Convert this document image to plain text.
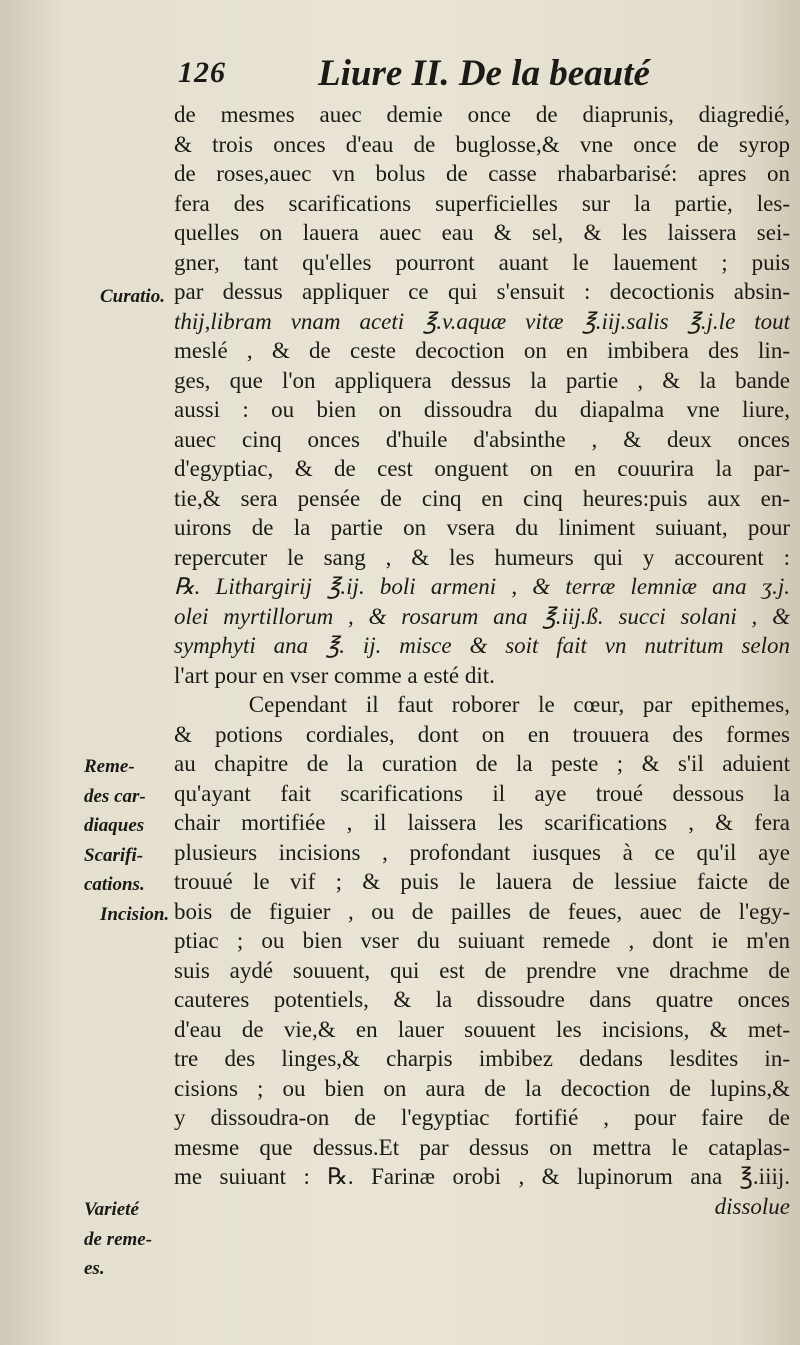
126 Liure II. De la beauté
Curatio.
Reme-
des car-
diaques
Scarifi-
cations.
Incision.
Varieté
de reme-
es.
de mesmes auec demie once de diaprunis, diagredié,
& trois onces d'eau de buglosse,& vne once de syrop
de roses,auec vn bolus de casse rhabarbarisé: apres on
fera des scarifications superficielles sur la partie, les-
quelles on lauera auec eau & sel, & les laissera sei-
gner, tant qu'elles pourront auant le lauement ; puis
par dessus appliquer ce qui s'ensuit : decoctionis absin-
thij,libram vnam aceti ℥.v.aquæ vitæ ℥.iij.salis ℥.j.le tout
meslé , & de ceste decoction on en imbibera des lin-
ges, que l'on appliquera dessus la partie , & la bande
aussi : ou bien on dissoudra du diapalma vne liure,
auec cinq onces d'huile d'absinthe , & deux onces
d'egyptiac, & de cest onguent on en couurira la par-
tie,& sera pensée de cinq en cinq heures:puis aux en-
uirons de la partie on vsera du liniment suiuant, pour
repercuter le sang , & les humeurs qui y accourent :
℞. Lithargirij ℥.ij. boli armeni , & terræ lemniæ ana ʒ.j.
olei myrtillorum , & rosarum ana ℥.iij.ß. succi solani , &
symphyti ana ℥. ij. misce & soit fait vn nutritum selon
l'art pour en vser comme a esté dit.
Cependant il faut roborer le cœur, par epithemes,
& potions cordiales, dont on en trouuera des formes
au chapitre de la curation de la peste ; & s'il aduient
qu'ayant fait scarifications il aye troué dessous la
chair mortifiée , il laissera les scarifications , & fera
plusieurs incisions , profondant iusques à ce qu'il aye
trouué le vif ; & puis le lauera de lessiue faicte de
bois de figuier , ou de pailles de feues, auec de l'egy-
ptiac ; ou bien vser du suiuant remede , dont ie m'en
suis aydé souuent, qui est de prendre vne drachme de
cauteres potentiels, & la dissoudre dans quatre onces
d'eau de vie,& en lauer souuent les incisions, & met-
tre des linges,& charpis imbibez dedans lesdites in-
cisions ; ou bien on aura de la decoction de lupins,&
y dissoudra-on de l'egyptiac fortifié , pour faire de
mesme que dessus.Et par dessus on mettra le cataplas-
me suiuant : ℞. Farinæ orobi , & lupinorum ana ℥.iiij.
dissolue
